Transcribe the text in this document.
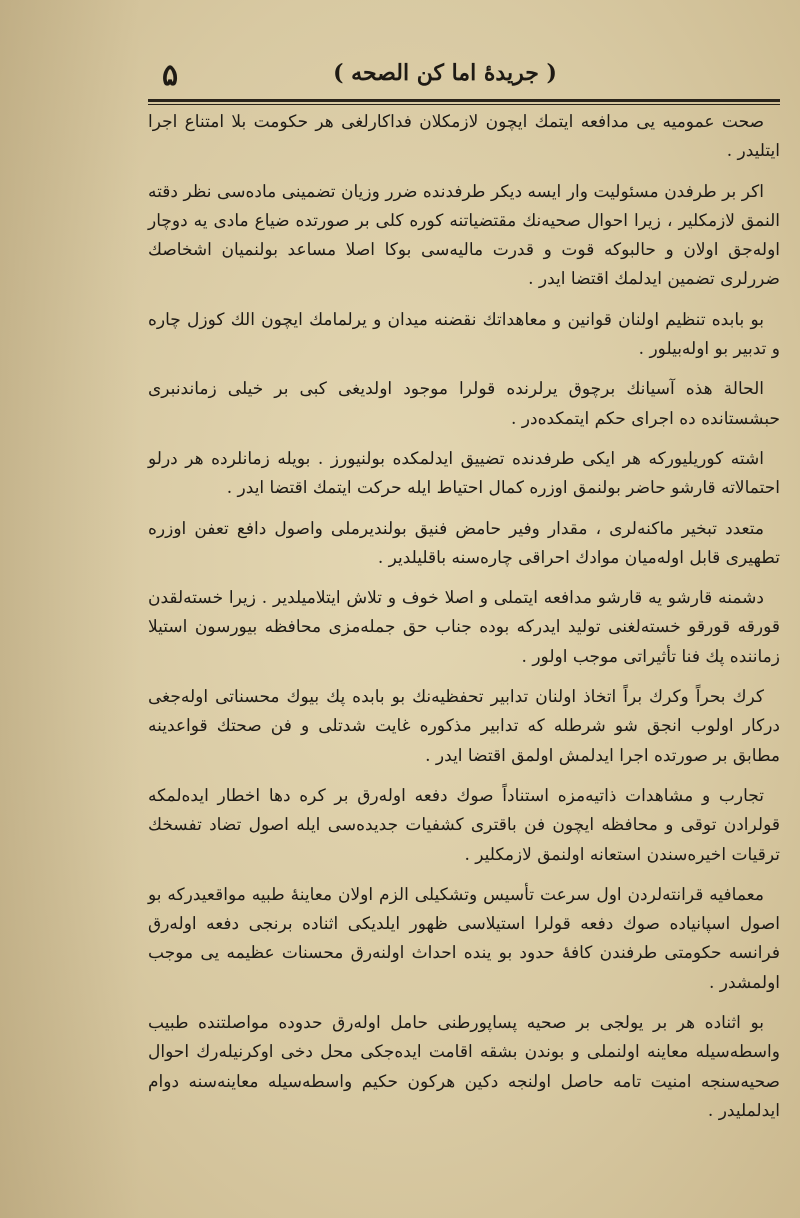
۵	( جریدهٔ اما کن الصحه )

صحت عمومیه یی مدافعه ایتمك ایچون لازمکلان فداکارلغی هر حکومت بلا امتناع اجرا ایتلیدر .

اکر بر طرفدن مسئولیت وار ایسه دیکر طرفدنده ضرر وزیان تضمینی ماده‌سی نظر دقته النمق لازمکلیر ، زیرا احوال صحیه‌نك مقتضیاتنه کوره کلی بر صورتده ضیاع مادی یه دوچار اوله‌جق اولان و حالبوکه قوت و قدرت مالیه‌سی بوکا اصلا مساعد بولنمیان اشخاصك ضررلری تضمین ایدلمك اقتضا ایدر .

بو بابده تنظیم اولنان قوانین و معاهداتك نقضنه میدان و یرلمامك ایچون الك کوزل چاره و تدبیر بو اوله‌بیلور .

الحالة هذه آسیانك برچوق یرلرنده قولرا موجود اولدیغی کبی بر خیلی زماندنبری حبشستانده ده اجرای حکم ایتمکده‌در .

اشته کوریلیورکه هر ایکی طرفدنده تضییق ایدلمکده بولنیورز . بویله زمانلرده هر درلو احتمالاته قارشو حاضر بولنمق اوزره کمال احتیاط ایله حرکت ایتمك اقتضا ایدر .

متعدد تبخیر ماکنه‌لری ، مقدار وفیر حامض فنیق بولندیرملی واصول دافع تعفن اوزره تطهیری قابل اوله‌میان موادك احراقی چاره‌سنه باقلیلدیر .

دشمنه قارشو یه قارشو مدافعه ایتملی و اصلا خوف و تلاش ایتلامیلدیر . زیرا خسته‌لقدن قورقه قورقو خسته‌لغنی تولید ایدرکه بوده جناب حق جمله‌مزی محافظه بیورسون استیلا زماننده پك فنا تأثیراتی موجب اولور .

کرك بحراً وکرك براً اتخاذ اولنان تدابیر تحفظیه‌نك بو بابده پك بیوك محسناتی اوله‌جغی درکار اولوب انجق شو شرطله که تدابیر مذکوره غایت شدتلی و فن صحتك قواعدینه مطابق بر صورتده اجرا ایدلمش اولمق اقتضا ایدر .

تجارب و مشاهدات ذاتیه‌مزه استناداً صوك دفعه اوله‌رق بر کره دها اخطار ایده‌لمکه قولرادن توقی و محافظه ایچون فن باقتری کشفیات جدیده‌سی ایله اصول تضاد تفسخك ترقیات اخیره‌سندن استعانه اولنمق لازمکلیر .

معمافیه قرانته‌لردن اول سرعت تأسیس وتشکیلی الزم اولان معاینهٔ طبیه مواقعیدرکه بو اصول اسپانیاده صوك دفعه قولرا استیلاسی ظهور ایلدیکی اثناده برنجی دفعه اوله‌رق فرانسه حکومتی طرفندن کافهٔ حدود بو ینده احداث اولنه‌رق محسنات عظیمه یی موجب اولمشدر .

بو اثناده هر بر یولجی بر صحیه پساپورطنی حامل اوله‌رق حدوده مواصلتنده طبیب واسطه‌سیله معاینه اولنملی و بوندن بشقه اقامت ایده‌جکی محل دخی اوکرنیله‌رك احوال صحیه‌سنجه امنیت تامه حاصل اولنجه دکین هرکون حکیم واسطه‌سیله معاینه‌سنه دوام ایدلملیدر .
